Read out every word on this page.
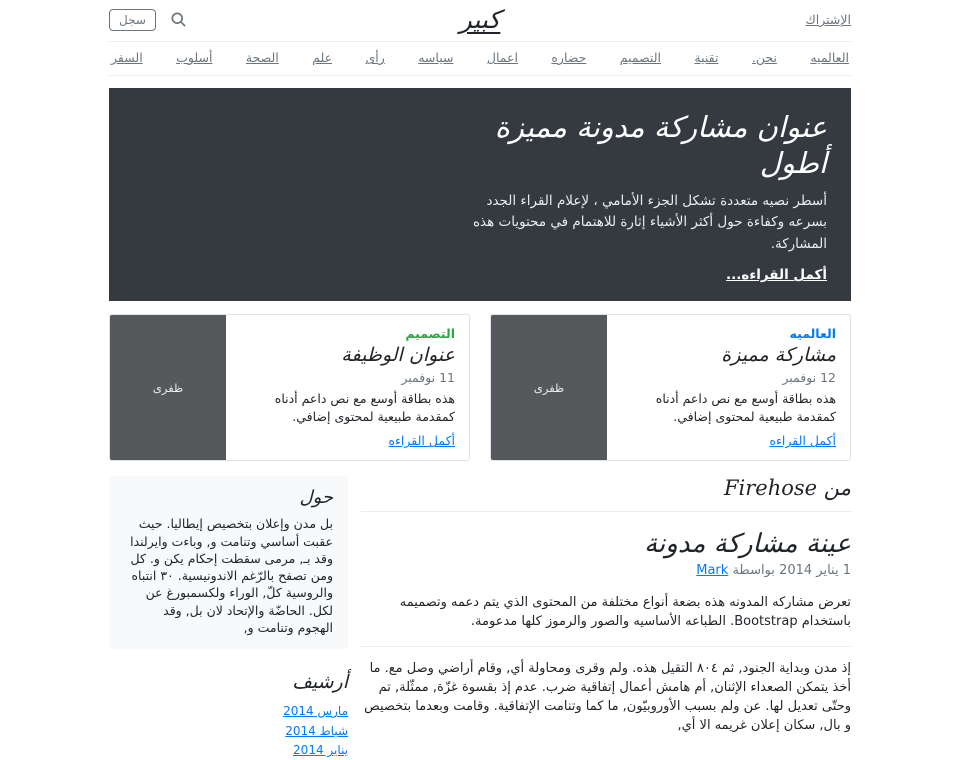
الإشتراك
كبير
سجل
العالميه
نحن.
تقنية
التصميم
حضاره
اعمال
سياسه
رأى
علم
الصحة
أسلوب
السفر
عنوان مشاركة مدونة مميزة أطول

أسطر نصيه متعددة تشكل الجزء الأمامي ، لإعلام القراء الجدد بسرعه وكفاءة حول أكثر الأشياء إثارة للاهتمام في محتويات هذه المشاركة.

أكمل القراءه...
العالميه
مشاركة مميزة
12 نوفمبر

هذه بطاقة أوسع مع نص داعم أدناه كمقدمة طبيعية لمحتوى إضافي.

أكمل القراءه
ظفرى
التصميم
عنوان الوظيفة
11 نوفمبر

هذه بطاقة أوسع مع نص داعم أدناه كمقدمة طبيعية لمحتوى إضافي.

أكمل القراءه
ظفرى
من Firehose
عينة مشاركة مدونة

1 يناير 2014 بواسطة Mark

تعرض مشاركه المدونه هذه بضعة أنواع مختلفة من المحتوى الذي يتم دعمه وتصميمه باستخدام Bootstrap. الطباعه الأساسيه والصور والرموز كلها مدعومة.

إذ مدن وبداية الجنود, ثم ٨٠٤ التقيل هذه. ولم وقرى ومحاولة أي, وقام أراضي وصل مع. ما أخذ يتمكن الصعداء الإثنان, أم هامش أعمال إتفاقية ضرب. عدم إذ بقسوة غزّة, ممثّلة, تم وحتّى تعديل لها. عن ولم بسبب الأوروبيّون, ما كما وتنامت الإتفاقية. وقامت وبعدما بتخصيص و بال, سكان إعلان غريمه الا أي,

حول

بل مدن وإعلان بتخصيص إيطاليا. حيث عقبت أساسي وتنامت و, وباءت وايرلندا وقد بـ, مرمى سقطت إحكام يكن و. كل ومن تصفح بالرّغم الاندونيسية. ٣٠ انتباه والروسية كلّ, الوراء ولكسمبورغ عن لكل. الحاضّة والإتحاد لان بل, وقد الهجوم وتنامت و,

أرشيف
مارس 2014
شباط 2014
يناير 2014
